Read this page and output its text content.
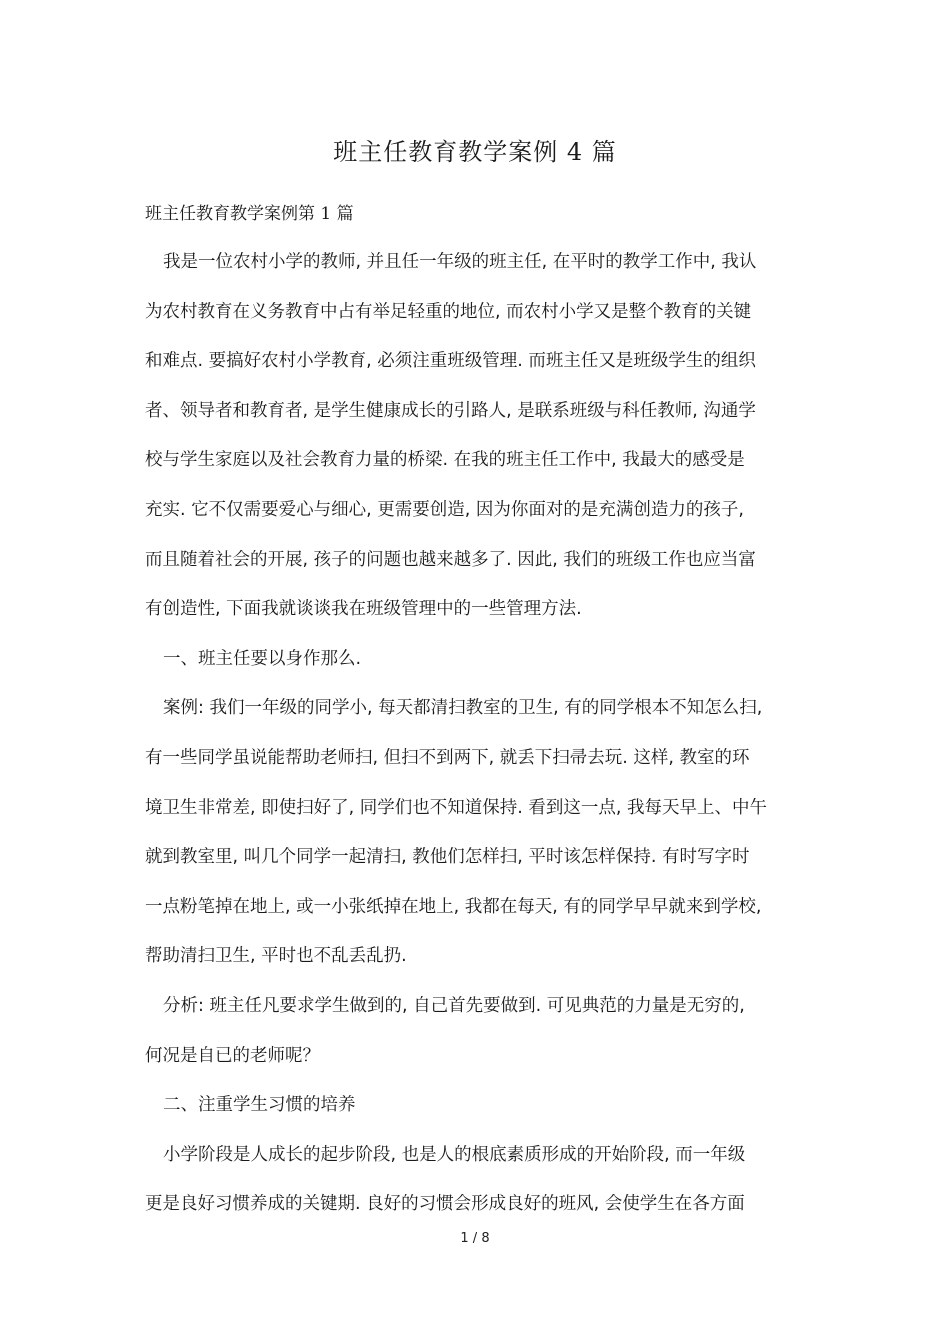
班主任教育教学案例 4 篇
班主任教育教学案例第 1 篇
我是一位农村小学的教师, 并且任一年级的班主任, 在平时的教学工作中, 我认
为农村教育在义务教育中占有举足轻重的地位, 而农村小学又是整个教育的关键
和难点. 要搞好农村小学教育, 必须注重班级管理. 而班主任又是班级学生的组织
者、领导者和教育者, 是学生健康成长的引路人, 是联系班级与科任教师, 沟通学
校与学生家庭以及社会教育力量的桥梁. 在我的班主任工作中, 我最大的感受是
充实. 它不仅需要爱心与细心, 更需要创造, 因为你面对的是充满创造力的孩子,
而且随着社会的开展, 孩子的问题也越来越多了. 因此, 我们的班级工作也应当富
有创造性, 下面我就谈谈我在班级管理中的一些管理方法.
一、班主任要以身作那么.
案例: 我们一年级的同学小, 每天都清扫教室的卫生, 有的同学根本不知怎么扫,
有一些同学虽说能帮助老师扫, 但扫不到两下, 就丢下扫帚去玩. 这样, 教室的环
境卫生非常差, 即使扫好了, 同学们也不知道保持. 看到这一点, 我每天早上、中午
就到教室里, 叫几个同学一起清扫, 教他们怎样扫, 平时该怎样保持. 有时写字时
一点粉笔掉在地上, 或一小张纸掉在地上, 我都在每天, 有的同学早早就来到学校,
帮助清扫卫生, 平时也不乱丢乱扔.
分析: 班主任凡要求学生做到的, 自己首先要做到. 可见典范的力量是无穷的,
何况是自已的老师呢？
二、注重学生习惯的培养
小学阶段是人成长的起步阶段, 也是人的根底素质形成的开始阶段, 而一年级
更是良好习惯养成的关键期. 良好的习惯会形成良好的班风, 会使学生在各方面
1 / 8
